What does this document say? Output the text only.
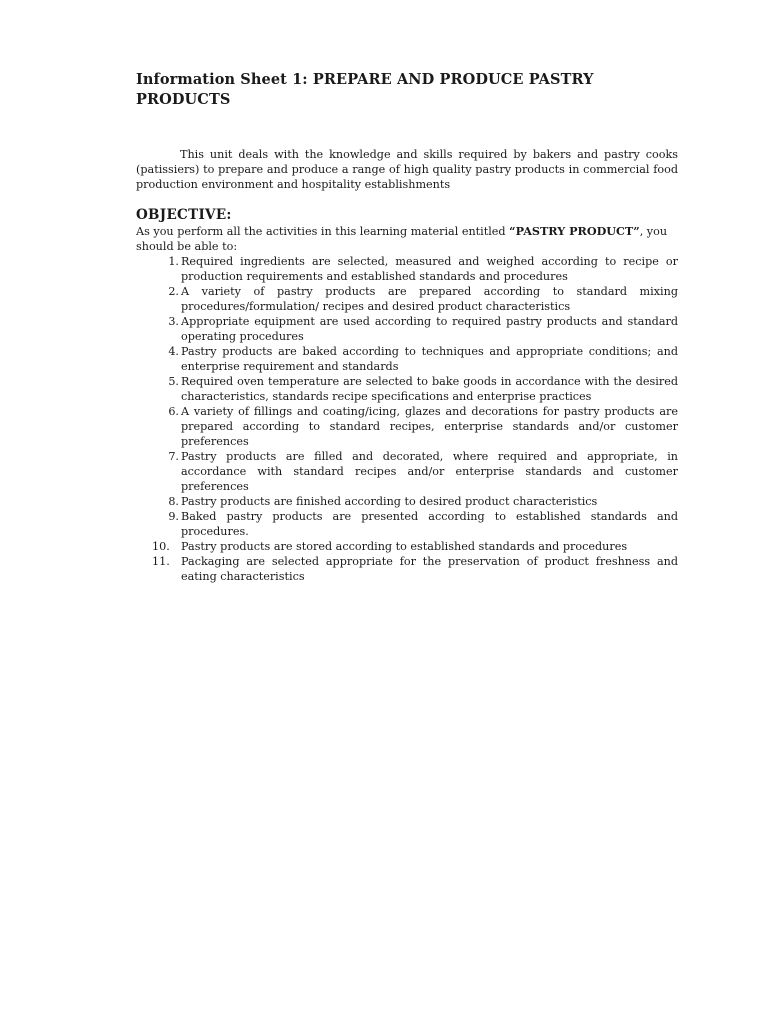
Information Sheet 1: PREPARE AND PRODUCE PASTRY PRODUCTS

This unit deals with the knowledge and skills required by bakers and pastry cooks (patissiers) to prepare and produce a range of high quality pastry products in commercial food production environment and hospitality establishments

OBJECTIVE:

As you perform all the activities in this learning material entitled “PASTRY PRODUCT”, you should be able to:

1. Required ingredients are selected, measured and weighed according to recipe or production requirements and established standards and procedures
2. A variety of pastry products are prepared according to standard mixing procedures/formulation/ recipes and desired product characteristics
3. Appropriate equipment are used according to required pastry products and standard operating procedures
4. Pastry products are baked according to techniques and appropriate conditions; and enterprise requirement and standards
5. Required oven temperature are selected to bake goods in accordance with the desired characteristics, standards recipe specifications and enterprise practices
6. A variety of fillings and coating/icing, glazes and decorations for pastry products are prepared according to standard recipes, enterprise standards and/or customer preferences
7. Pastry products are filled and decorated, where required and appropriate, in accordance with standard recipes and/or enterprise standards and customer preferences
8. Pastry products are finished according to desired product characteristics
9. Baked pastry products are presented according to established standards and procedures.
10.	Pastry products are stored according to established standards and procedures
11.	Packaging are selected appropriate for the preservation of product freshness and eating characteristics
